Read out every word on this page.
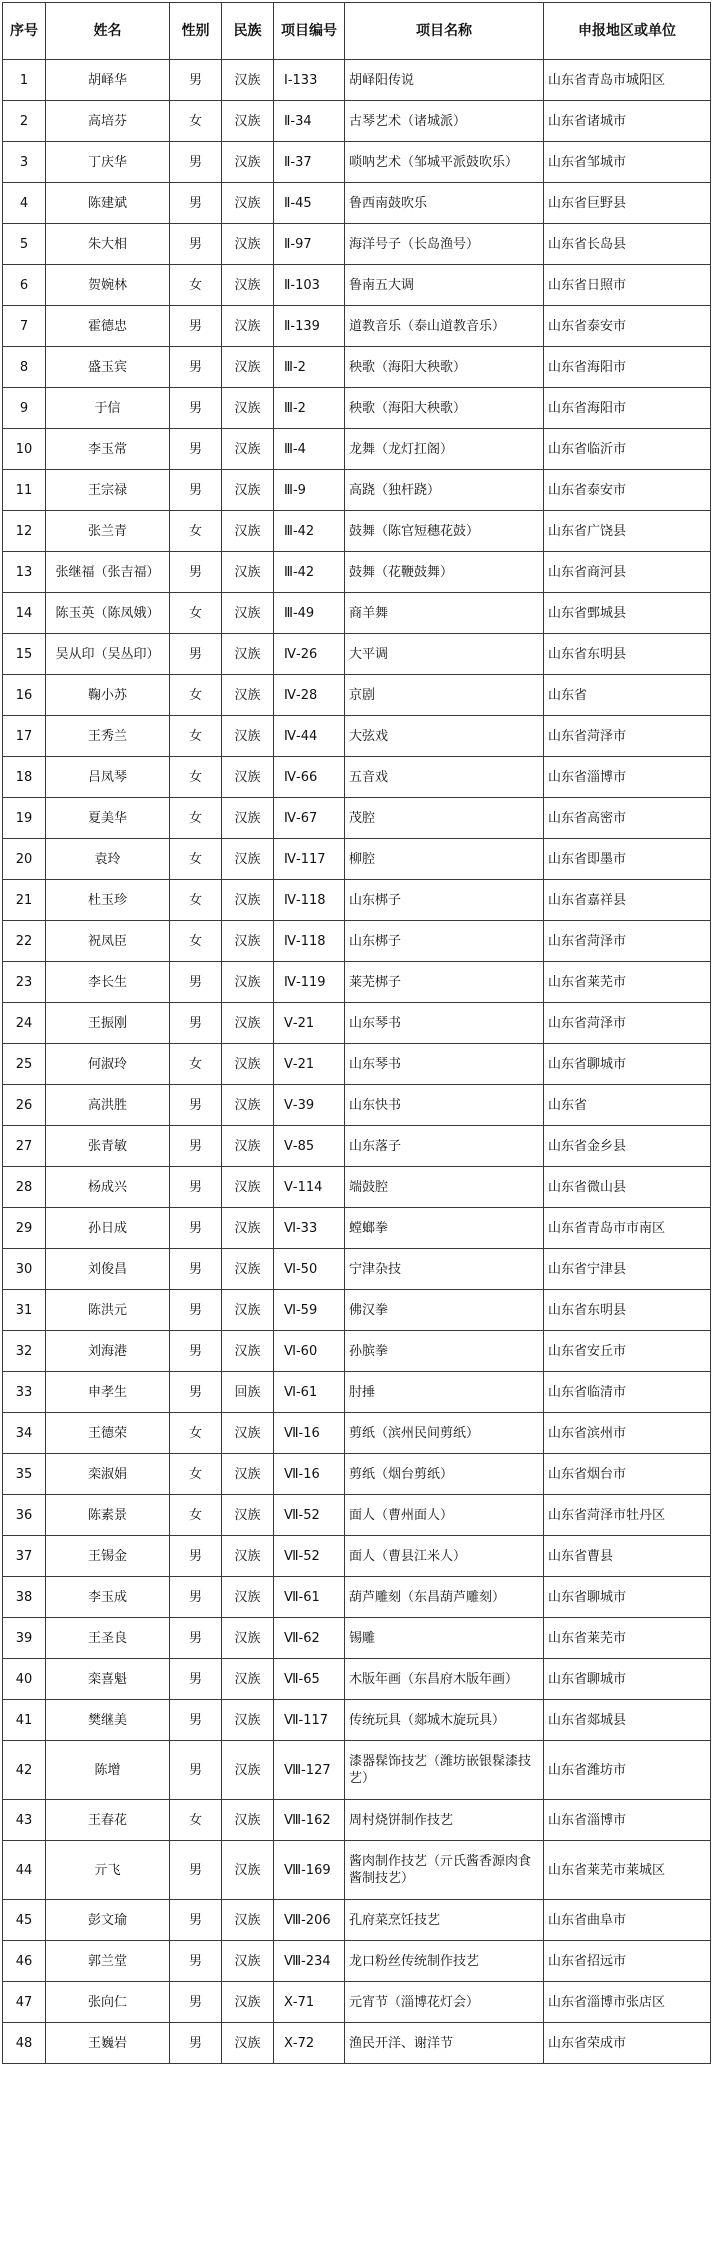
序号	姓名	性别	民族	项目编号	项目名称	申报地区或单位
1	胡峄华	男	汉族	Ⅰ-133	胡峄阳传说	山东省青岛市城阳区
2	高培芬	女	汉族	Ⅱ-34	古琴艺术（诸城派）	山东省诸城市
3	丁庆华	男	汉族	Ⅱ-37	唢呐艺术（邹城平派鼓吹乐）	山东省邹城市
4	陈建斌	男	汉族	Ⅱ-45	鲁西南鼓吹乐	山东省巨野县
5	朱大相	男	汉族	Ⅱ-97	海洋号子（长岛渔号）	山东省长岛县
6	贺婉林	女	汉族	Ⅱ-103	鲁南五大调	山东省日照市
7	霍德忠	男	汉族	Ⅱ-139	道教音乐（泰山道教音乐）	山东省泰安市
8	盛玉宾	男	汉族	Ⅲ-2	秧歌（海阳大秧歌）	山东省海阳市
9	于信	男	汉族	Ⅲ-2	秧歌（海阳大秧歌）	山东省海阳市
10	李玉常	男	汉族	Ⅲ-4	龙舞（龙灯扛阁）	山东省临沂市
11	王宗禄	男	汉族	Ⅲ-9	高跷（独杆跷）	山东省泰安市
12	张兰青	女	汉族	Ⅲ-42	鼓舞（陈官短穗花鼓）	山东省广饶县
13	张继福（张吉福）	男	汉族	Ⅲ-42	鼓舞（花鞭鼓舞）	山东省商河县
14	陈玉英（陈凤娥）	女	汉族	Ⅲ-49	商羊舞	山东省鄄城县
15	吴从印（吴丛印）	男	汉族	Ⅳ-26	大平调	山东省东明县
16	鞠小苏	女	汉族	Ⅳ-28	京剧	山东省
17	王秀兰	女	汉族	Ⅳ-44	大弦戏	山东省菏泽市
18	吕凤琴	女	汉族	Ⅳ-66	五音戏	山东省淄博市
19	夏美华	女	汉族	Ⅳ-67	茂腔	山东省高密市
20	袁玲	女	汉族	Ⅳ-117	柳腔	山东省即墨市
21	杜玉珍	女	汉族	Ⅳ-118	山东梆子	山东省嘉祥县
22	祝凤臣	女	汉族	Ⅳ-118	山东梆子	山东省菏泽市
23	李长生	男	汉族	Ⅳ-119	莱芜梆子	山东省莱芜市
24	王振刚	男	汉族	Ⅴ-21	山东琴书	山东省菏泽市
25	何淑玲	女	汉族	Ⅴ-21	山东琴书	山东省聊城市
26	高洪胜	男	汉族	Ⅴ-39	山东快书	山东省
27	张青敏	男	汉族	Ⅴ-85	山东落子	山东省金乡县
28	杨成兴	男	汉族	Ⅴ-114	端鼓腔	山东省微山县
29	孙日成	男	汉族	Ⅵ-33	螳螂拳	山东省青岛市市南区
30	刘俊昌	男	汉族	Ⅵ-50	宁津杂技	山东省宁津县
31	陈洪元	男	汉族	Ⅵ-59	佛汉拳	山东省东明县
32	刘海港	男	汉族	Ⅵ-60	孙膑拳	山东省安丘市
33	申孝生	男	回族	Ⅵ-61	肘捶	山东省临清市
34	王德荣	女	汉族	Ⅶ-16	剪纸（滨州民间剪纸）	山东省滨州市
35	栾淑娟	女	汉族	Ⅶ-16	剪纸（烟台剪纸）	山东省烟台市
36	陈素景	女	汉族	Ⅶ-52	面人（曹州面人）	山东省菏泽市牡丹区
37	王锡金	男	汉族	Ⅶ-52	面人（曹县江米人）	山东省曹县
38	李玉成	男	汉族	Ⅶ-61	葫芦雕刻（东昌葫芦雕刻）	山东省聊城市
39	王圣良	男	汉族	Ⅶ-62	锡雕	山东省莱芜市
40	栾喜魁	男	汉族	Ⅶ-65	木版年画（东昌府木版年画）	山东省聊城市
41	樊继美	男	汉族	Ⅶ-117	传统玩具（郯城木旋玩具）	山东省郯城县
42	陈增	男	汉族	Ⅷ-127	漆器髹饰技艺（潍坊嵌银髹漆技艺）	山东省潍坊市
43	王春花	女	汉族	Ⅷ-162	周村烧饼制作技艺	山东省淄博市
44	亓飞	男	汉族	Ⅷ-169	酱肉制作技艺（亓氏酱香源肉食酱制技艺）	山东省莱芜市莱城区
45	彭文瑜	男	汉族	Ⅷ-206	孔府菜烹饪技艺	山东省曲阜市
46	郭兰堂	男	汉族	Ⅷ-234	龙口粉丝传统制作技艺	山东省招远市
47	张向仁	男	汉族	Ⅹ-71	元宵节（淄博花灯会）	山东省淄博市张店区
48	王巍岩	男	汉族	Ⅹ-72	渔民开洋、谢洋节	山东省荣成市
